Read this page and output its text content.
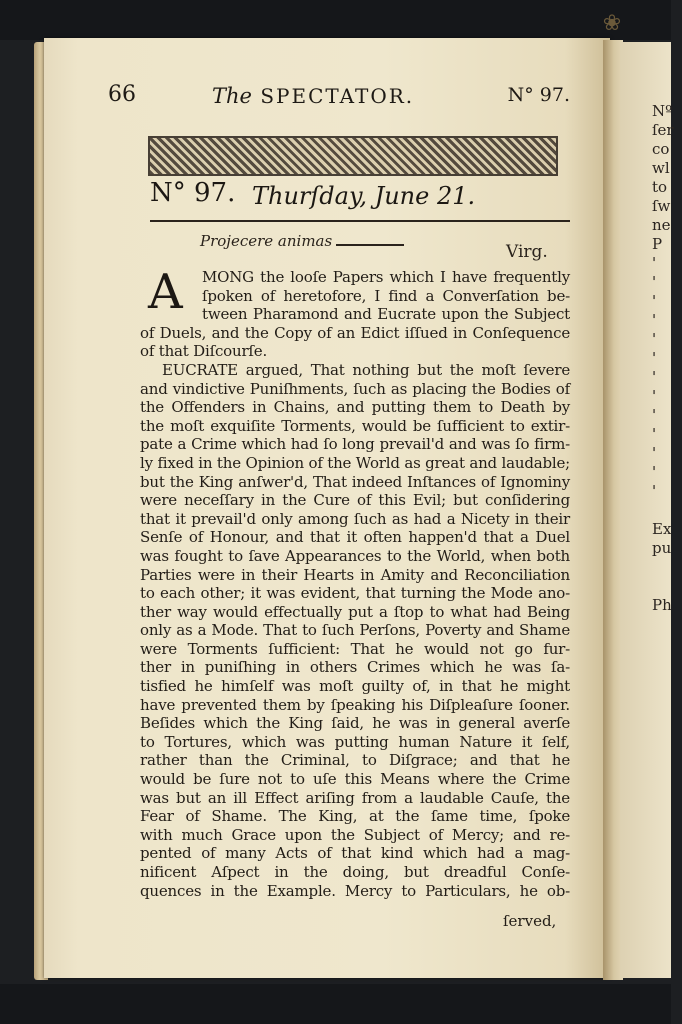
❀
Nº
ſer
co
wl
to
ſw
ne
P
'
'
'
'
'
'
'
'
'
'
'
'
'
Ex
pu
Ph
66	The SPECTATOR.	N° 97.
N° 97. Thurſday, June 21.
Projecere animas
Virg.
A	MONG the looſe Papers which I have frequently
ſpoken of heretofore, I find a Converſation be-
tween Pharamond and Eucrate upon the Subject
of Duels, and the Copy of an Edict iſſued in Conſequence
of that Diſcourſe.
EUCRATE argued, That nothing but the moſt ſevere
and vindictive Puniſhments, ſuch as placing the Bodies of
the Offenders in Chains, and putting them to Death by
the moſt exquiſite Torments, would be ſufficient to extir-
pate a Crime which had ſo long prevail'd and was ſo firm-
ly fixed in the Opinion of the World as great and laudable;
but the King anſwer'd, That indeed Inſtances of Ignominy
were neceſſary in the Cure of this Evil; but conſidering
that it prevail'd only among ſuch as had a Nicety in their
Senſe of Honour, and that it often happen'd that a Duel
was fought to ſave Appearances to the World, when both
Parties were in their Hearts in Amity and Reconciliation
to each other; it was evident, that turning the Mode ano-
ther way would effectually put a ſtop to what had Being
only as a Mode. That to ſuch Perſons, Poverty and Shame
were Torments ſufficient: That he would not go fur-
ther in puniſhing in others Crimes which he was ſa-
tisfied he himſelf was moſt guilty of, in that he might
have prevented them by ſpeaking his Diſpleaſure ſooner.
Beſides which the King ſaid, he was in general averſe
to Tortures, which was putting human Nature it ſelf,
rather than the Criminal, to Diſgrace; and that he
would be ſure not to uſe this Means where the Crime
was but an ill Effect ariſing from a laudable Cauſe, the
Fear of Shame. The King, at the ſame time, ſpoke
with much Grace upon the Subject of Mercy; and re-
pented of many Acts of that kind which had a mag-
nificent Aſpect in the doing, but dreadful Conſe-
quences in the Example. Mercy to Particulars, he ob-
ſerved,
